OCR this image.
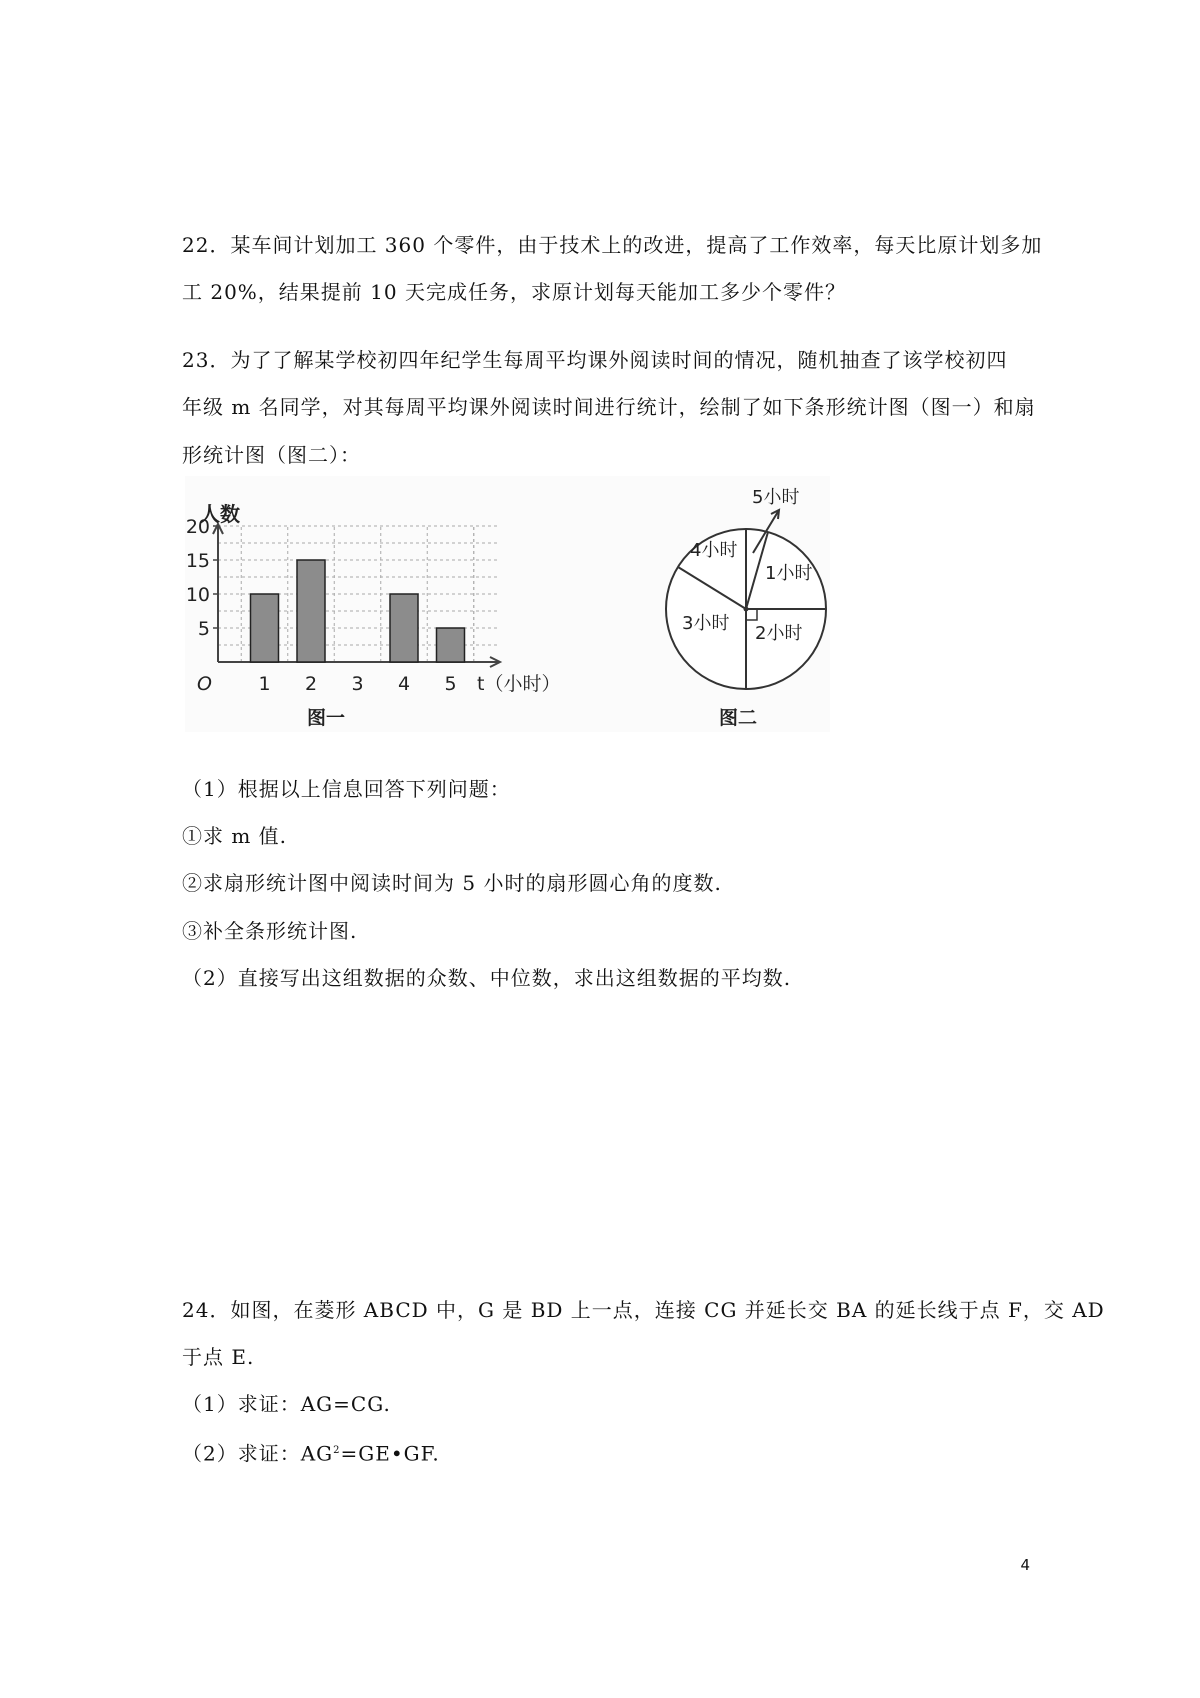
22．某车间计划加工 360 个零件，由于技术上的改进，提高了工作效率，每天比原计划多加
工 20%，结果提前 10 天完成任务，求原计划每天能加工多少个零件？
23．为了了解某学校初四年纪学生每周平均课外阅读时间的情况，随机抽查了该学校初四
年级 m 名同学，对其每周平均课外阅读时间进行统计，绘制了如下条形统计图（图一）和扇
形统计图（图二）：
1 2 3 4 5
5
10
15
20
人数
O	t（小时）
图一
5小时
1小时
2小时
3小时
4小时
图二
（1）根据以上信息回答下列问题：
①求 m 值.
②求扇形统计图中阅读时间为 5 小时的扇形圆心角的度数.
③补全条形统计图.
（2）直接写出这组数据的众数、中位数，求出这组数据的平均数.
24．如图，在菱形 ABCD 中，G 是 BD 上一点，连接 CG 并延长交 BA 的延长线于点 F，交 AD
于点 E.
（1）求证：AG=CG.
（2）求证：$AG^2=GE•GF$.
4
